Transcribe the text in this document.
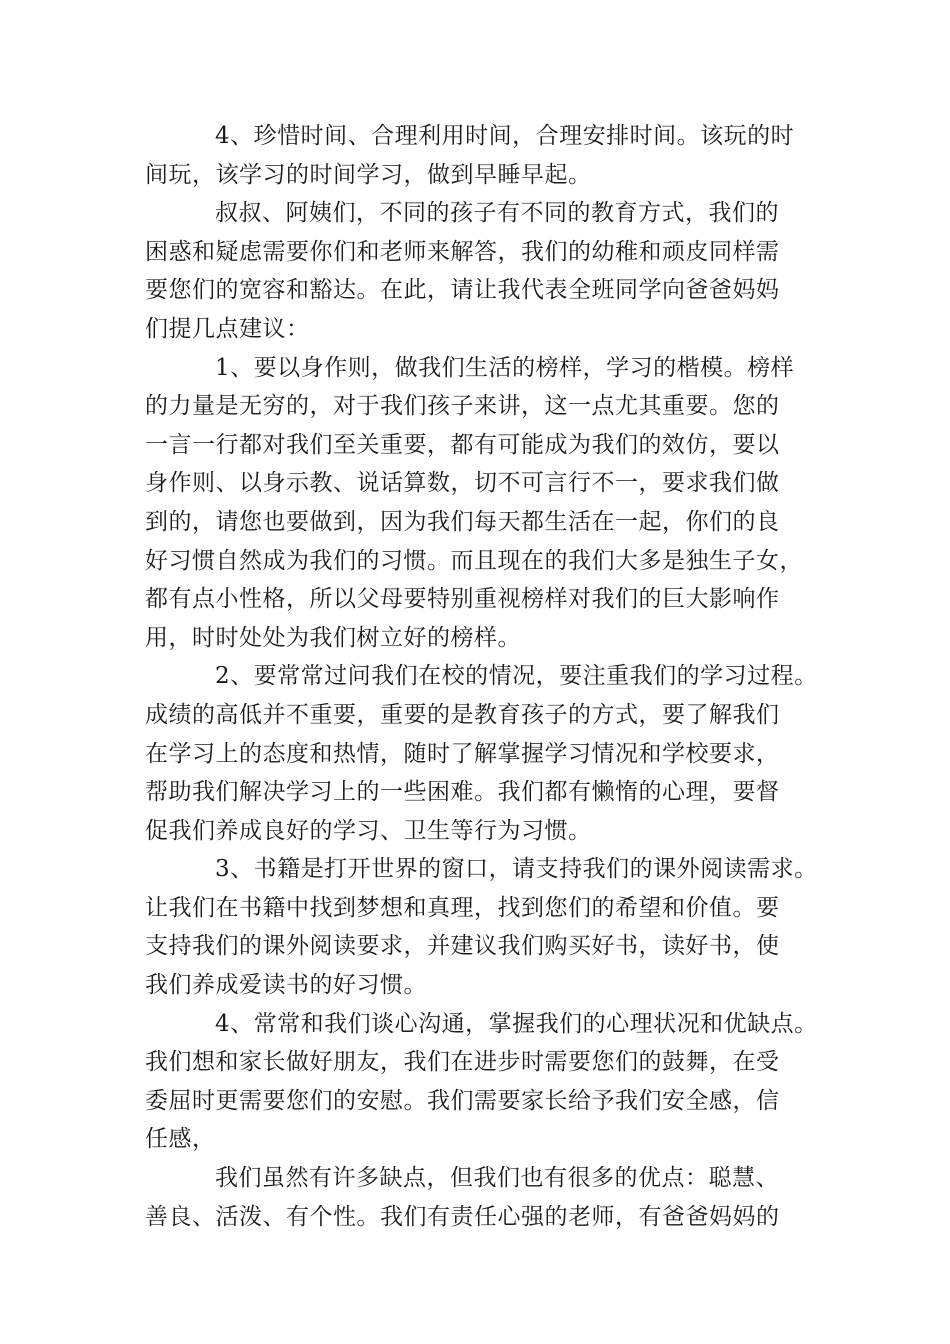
4、珍惜时间、合理利用时间，合理安排时间。该玩的时
间玩，该学习的时间学习，做到早睡早起。
叔叔、阿姨们，不同的孩子有不同的教育方式，我们的
困惑和疑虑需要你们和老师来解答，我们的幼稚和顽皮同样需
要您们的宽容和豁达。在此，请让我代表全班同学向爸爸妈妈
们提几点建议：
1、要以身作则，做我们生活的榜样，学习的楷模。榜样
的力量是无穷的，对于我们孩子来讲，这一点尤其重要。您的
一言一行都对我们至关重要，都有可能成为我们的效仿，要以
身作则、以身示教、说话算数，切不可言行不一，要求我们做
到的，请您也要做到，因为我们每天都生活在一起，你们的良
好习惯自然成为我们的习惯。而且现在的我们大多是独生子女，
都有点小性格，所以父母要特别重视榜样对我们的巨大影响作
用，时时处处为我们树立好的榜样。
2、要常常过问我们在校的情况，要注重我们的学习过程。
成绩的高低并不重要，重要的是教育孩子的方式，要了解我们
在学习上的态度和热情，随时了解掌握学习情况和学校要求，
帮助我们解决学习上的一些困难。我们都有懒惰的心理，要督
促我们养成良好的学习、卫生等行为习惯。
3、书籍是打开世界的窗口，请支持我们的课外阅读需求。
让我们在书籍中找到梦想和真理，找到您们的希望和价值。要
支持我们的课外阅读要求，并建议我们购买好书，读好书，使
我们养成爱读书的好习惯。
4、常常和我们谈心沟通，掌握我们的心理状况和优缺点。
我们想和家长做好朋友，我们在进步时需要您们的鼓舞，在受
委屈时更需要您们的安慰。我们需要家长给予我们安全感，信
任感，
我们虽然有许多缺点，但我们也有很多的优点：聪慧、
善良、活泼、有个性。我们有责任心强的老师，有爸爸妈妈的
